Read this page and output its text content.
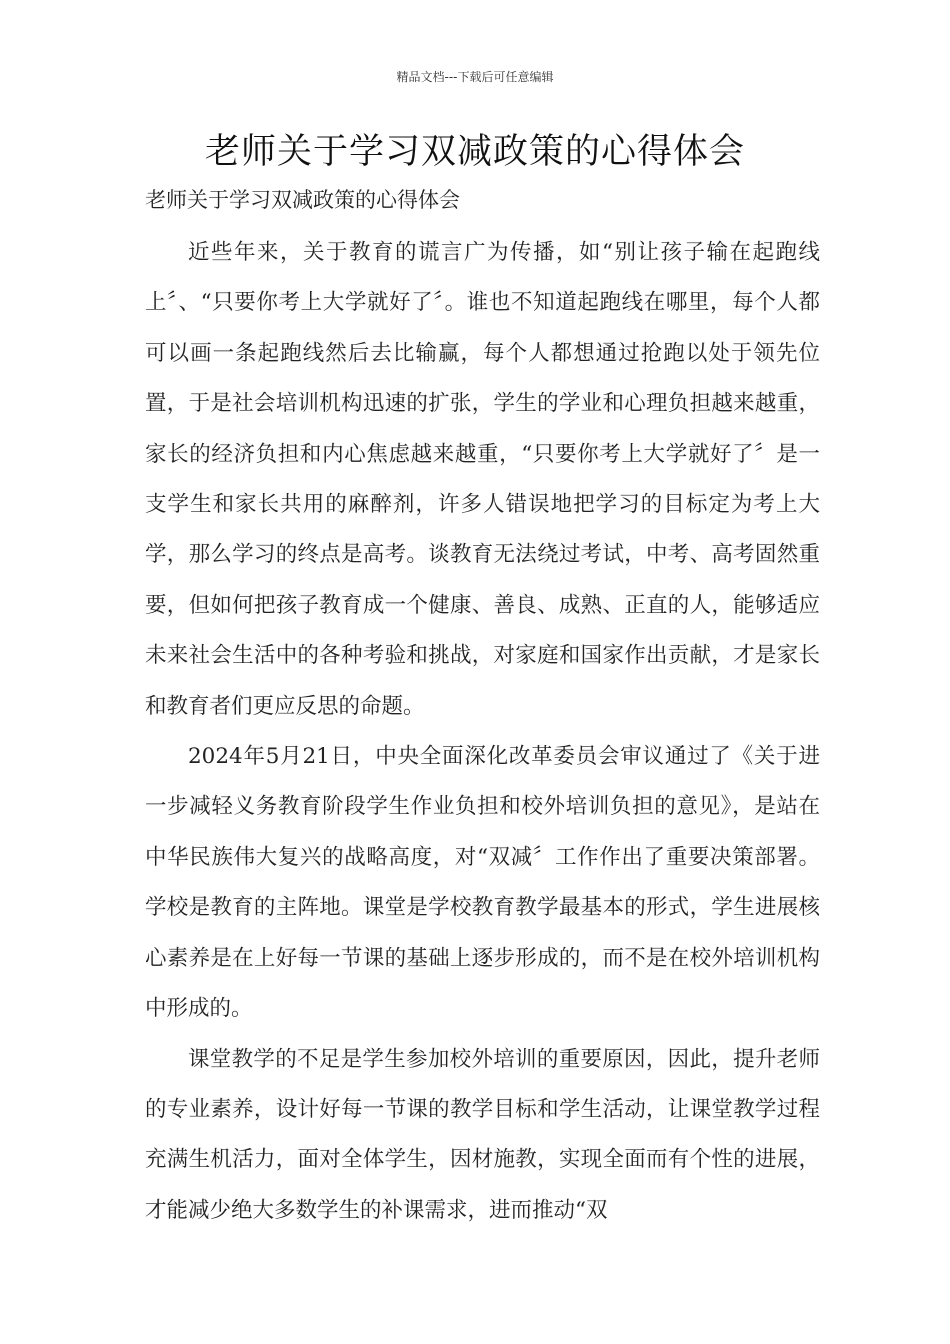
精品文档---下载后可任意编辑
老师关于学习双减政策的心得体会
老师关于学习双减政策的心得体会

近些年来，关于教育的谎言广为传播，如“别让孩子输在起跑线上〞、“只要你考上大学就好了〞。谁也不知道起跑线在哪里，每个人都可以画一条起跑线然后去比输赢，每个人都想通过抢跑以处于领先位置，于是社会培训机构迅速的扩张，学生的学业和心理负担越来越重，家长的经济负担和内心焦虑越来越重，“只要你考上大学就好了〞是一支学生和家长共用的麻醉剂，许多人错误地把学习的目标定为考上大学，那么学习的终点是高考。谈教育无法绕过考试，中考、高考固然重要，但如何把孩子教育成一个健康、善良、成熟、正直的人，能够适应未来社会生活中的各种考验和挑战，对家庭和国家作出贡献，才是家长和教育者们更应反思的命题。

2024年5月21日，中央全面深化改革委员会审议通过了《关于进一步减轻义务教育阶段学生作业负担和校外培训负担的意见》，是站在中华民族伟大复兴的战略高度，对“双减〞工作作出了重要决策部署。学校是教育的主阵地。课堂是学校教育教学最基本的形式，学生进展核心素养是在上好每一节课的基础上逐步形成的，而不是在校外培训机构中形成的。

课堂教学的不足是学生参加校外培训的重要原因，因此，提升老师的专业素养，设计好每一节课的教学目标和学生活动，让课堂教学过程充满生机活力，面对全体学生，因材施教，实现全面而有个性的进展，才能减少绝大多数学生的补课需求，进而推动“双
